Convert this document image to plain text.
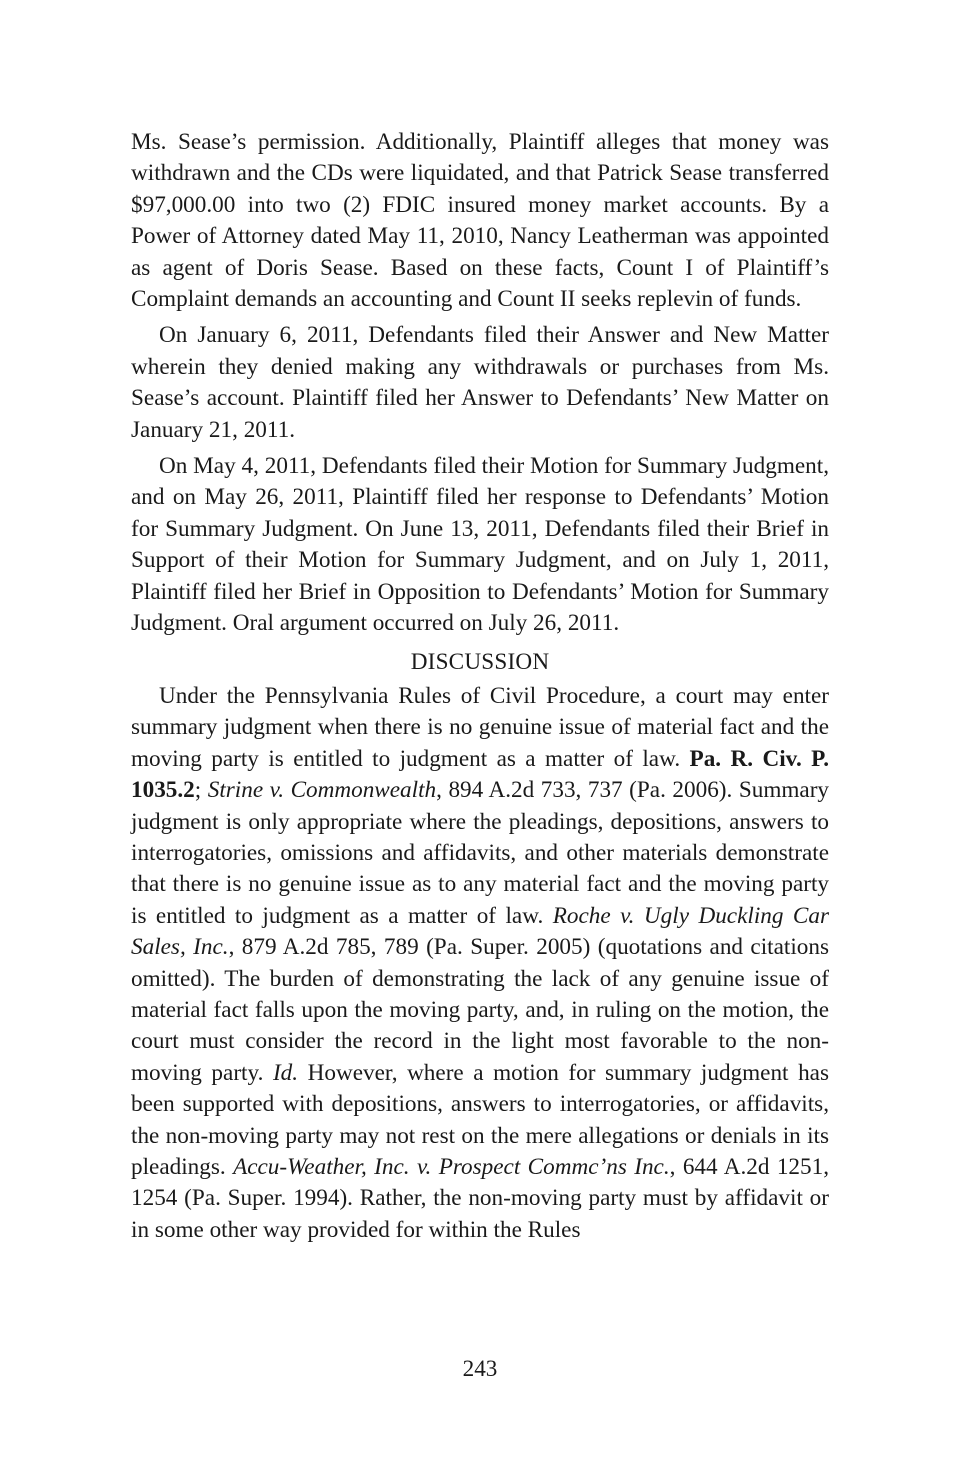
Ms. Sease’s permission. Additionally, Plaintiff alleges that money was withdrawn and the CDs were liquidated, and that Patrick Sease transferred $97,000.00 into two (2) FDIC insured money market accounts. By a Power of Attorney dated May 11, 2010, Nancy Leatherman was appointed as agent of Doris Sease. Based on these facts, Count I of Plaintiff’s Complaint demands an accounting and Count II seeks replevin of funds.

On January 6, 2011, Defendants filed their Answer and New Matter wherein they denied making any withdrawals or purchases from Ms. Sease’s account. Plaintiff filed her Answer to Defendants’ New Matter on January 21, 2011.

On May 4, 2011, Defendants filed their Motion for Summary Judgment, and on May 26, 2011, Plaintiff filed her response to Defendants’ Motion for Summary Judgment. On June 13, 2011, Defendants filed their Brief in Support of their Motion for Summary Judgment, and on July 1, 2011, Plaintiff filed her Brief in Opposition to Defendants’ Motion for Summary Judgment. Oral argument occurred on July 26, 2011.

DISCUSSION

Under the Pennsylvania Rules of Civil Procedure, a court may enter summary judgment when there is no genuine issue of material fact and the moving party is entitled to judgment as a matter of law. Pa. R. Civ. P. 1035.2; Strine v. Commonwealth, 894 A.2d 733, 737 (Pa. 2006). Summary judgment is only appropriate where the pleadings, depositions, answers to interrogatories, omissions and affidavits, and other materials demonstrate that there is no genuine issue as to any material fact and the moving party is entitled to judgment as a matter of law. Roche v. Ugly Duckling Car Sales, Inc., 879 A.2d 785, 789 (Pa. Super. 2005) (quotations and citations omitted). The burden of demonstrating the lack of any genuine issue of material fact falls upon the moving party, and, in ruling on the motion, the court must consider the record in the light most favorable to the non-moving party. Id. However, where a motion for summary judgment has been supported with depositions, answers to interrogatories, or affidavits, the non-moving party may not rest on the mere allegations or denials in its pleadings. Accu-Weather, Inc. v. Prospect Commc’ns Inc., 644 A.2d 1251, 1254 (Pa. Super. 1994). Rather, the non-moving party must by affidavit or in some other way provided for within the Rules

243
